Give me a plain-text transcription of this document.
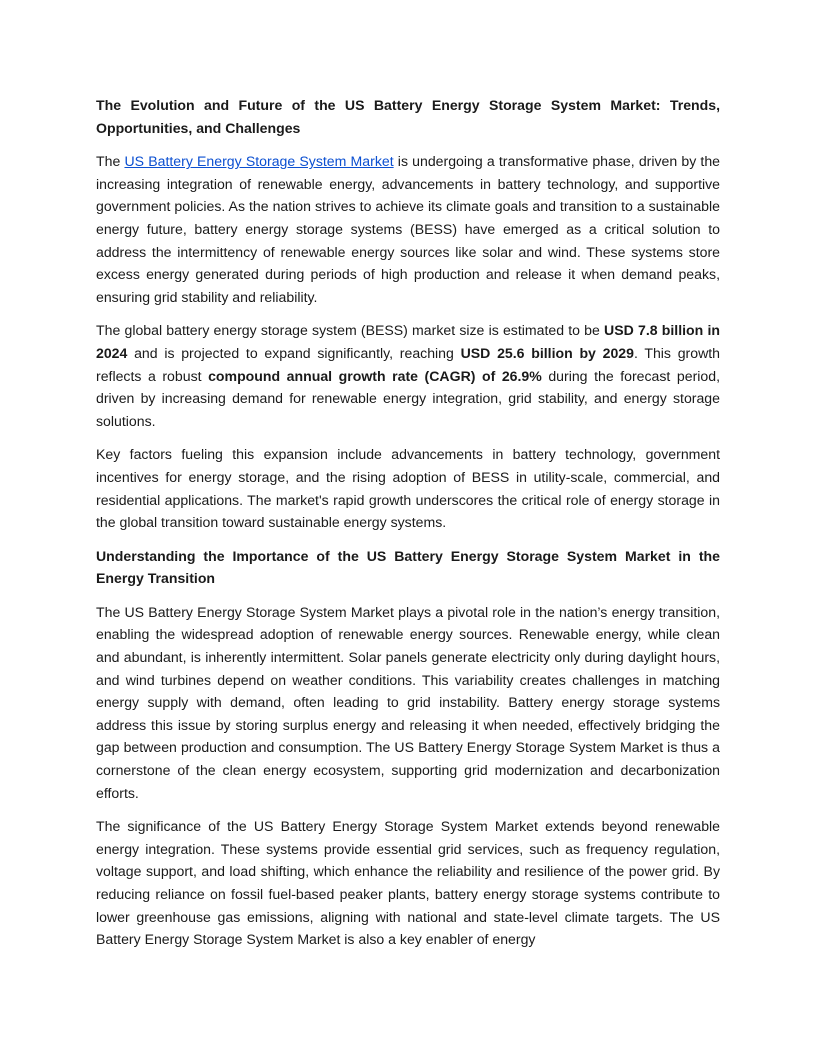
The Evolution and Future of the US Battery Energy Storage System Market: Trends, Opportunities, and Challenges

The US Battery Energy Storage System Market is undergoing a transformative phase, driven by the increasing integration of renewable energy, advancements in battery technology, and supportive government policies. As the nation strives to achieve its climate goals and transition to a sustainable energy future, battery energy storage systems (BESS) have emerged as a critical solution to address the intermittency of renewable energy sources like solar and wind. These systems store excess energy generated during periods of high production and release it when demand peaks, ensuring grid stability and reliability.

The global battery energy storage system (BESS) market size is estimated to be USD 7.8 billion in 2024 and is projected to expand significantly, reaching USD 25.6 billion by 2029. This growth reflects a robust compound annual growth rate (CAGR) of 26.9% during the forecast period, driven by increasing demand for renewable energy integration, grid stability, and energy storage solutions.

Key factors fueling this expansion include advancements in battery technology, government incentives for energy storage, and the rising adoption of BESS in utility-scale, commercial, and residential applications. The market's rapid growth underscores the critical role of energy storage in the global transition toward sustainable energy systems.

Understanding the Importance of the US Battery Energy Storage System Market in the Energy Transition

The US Battery Energy Storage System Market plays a pivotal role in the nation’s energy transition, enabling the widespread adoption of renewable energy sources. Renewable energy, while clean and abundant, is inherently intermittent. Solar panels generate electricity only during daylight hours, and wind turbines depend on weather conditions. This variability creates challenges in matching energy supply with demand, often leading to grid instability. Battery energy storage systems address this issue by storing surplus energy and releasing it when needed, effectively bridging the gap between production and consumption. The US Battery Energy Storage System Market is thus a cornerstone of the clean energy ecosystem, supporting grid modernization and decarbonization efforts.

The significance of the US Battery Energy Storage System Market extends beyond renewable energy integration. These systems provide essential grid services, such as frequency regulation, voltage support, and load shifting, which enhance the reliability and resilience of the power grid. By reducing reliance on fossil fuel-based peaker plants, battery energy storage systems contribute to lower greenhouse gas emissions, aligning with national and state-level climate targets. The US Battery Energy Storage System Market is also a key enabler of energy
